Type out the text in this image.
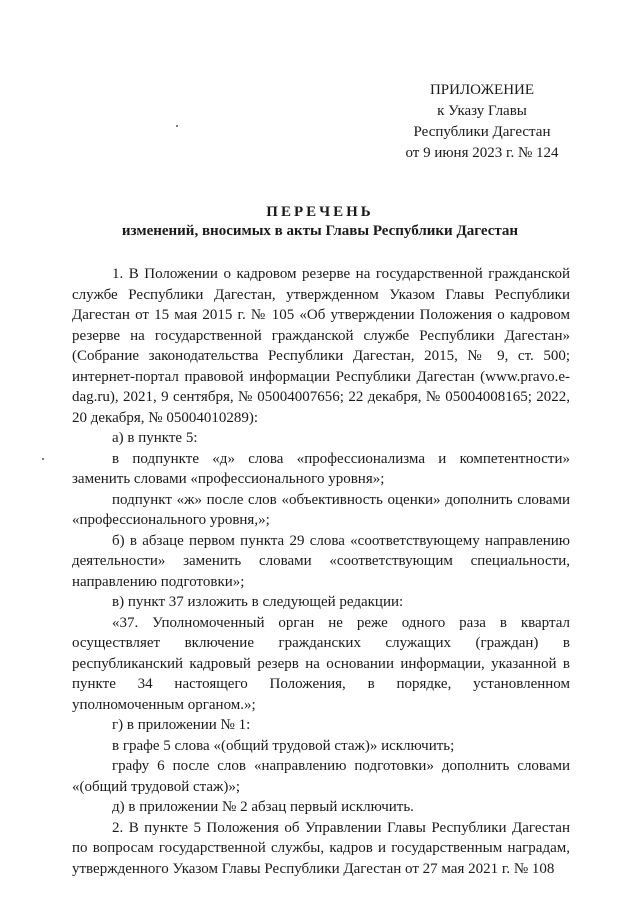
ПРИЛОЖЕНИЕ
к Указу Главы
Республики Дагестан
от 9 июня 2023 г. № 124
ПЕРЕЧЕНЬ
изменений, вносимых в акты Главы Республики Дагестан

1. В Положении о кадровом резерве на государственной гражданской службе Республики Дагестан, утвержденном Указом Главы Республики Дагестан от 15 мая 2015 г. № 105 «Об утверждении Положения о кадровом резерве на государственной гражданской службе Республики Дагестан» (Собрание законодательства Республики Дагестан, 2015, № 9, ст. 500; интернет-портал правовой информации Республики Дагестан (www.pravo.e-dag.ru), 2021, 9 сентября, № 05004007656; 22 декабря, № 05004008165; 2022, 20 декабря, № 05004010289):

а) в пункте 5:

в подпункте «д» слова «профессионализма и компетентности» заменить словами «профессионального уровня»;

подпункт «ж» после слов «объективность оценки» дополнить словами «профессионального уровня,»;

б) в абзаце первом пункта 29 слова «соответствующему направлению деятельности» заменить словами «соответствующим специальности, направлению подготовки»;

в) пункт 37 изложить в следующей редакции:

«37. Уполномоченный орган не реже одного раза в квартал осуществляет включение гражданских служащих (граждан) в республиканский кадровый резерв на основании информации, указанной в пункте 34 настоящего Положения, в порядке, установленном уполномоченным органом.»;

г) в приложении № 1:

в графе 5 слова «(общий трудовой стаж)» исключить;

графу 6 после слов «направлению подготовки» дополнить словами «(общий трудовой стаж)»;

д) в приложении № 2 абзац первый исключить.

2. В пункте 5 Положения об Управлении Главы Республики Дагестан по вопросам государственной службы, кадров и государственным наградам, утвержденного Указом Главы Республики Дагестан от 27 мая 2021 г. № 108
